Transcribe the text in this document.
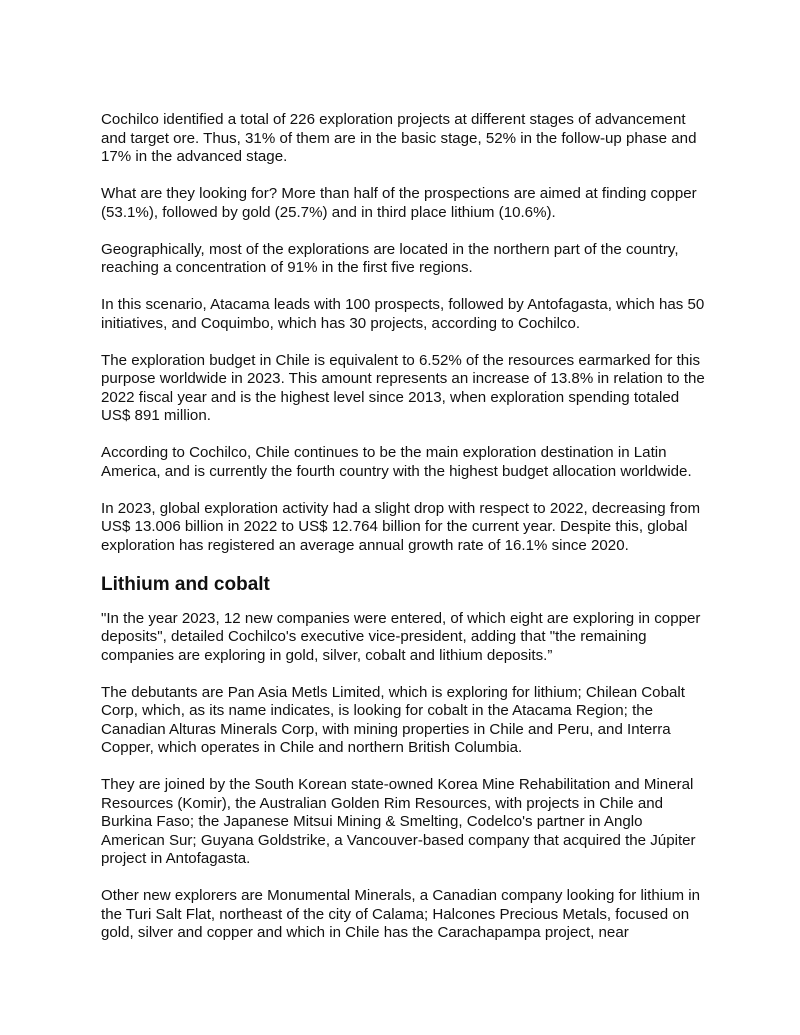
Cochilco identified a total of 226 exploration projects at different stages of advancement and target ore. Thus, 31% of them are in the basic stage, 52% in the follow-up phase and 17% in the advanced stage.

What are they looking for? More than half of the prospections are aimed at finding copper (53.1%), followed by gold (25.7%) and in third place lithium (10.6%).

Geographically, most of the explorations are located in the northern part of the country, reaching a concentration of 91% in the first five regions.

In this scenario, Atacama leads with 100 prospects, followed by Antofagasta, which has 50 initiatives, and Coquimbo, which has 30 projects, according to Cochilco.

The exploration budget in Chile is equivalent to 6.52% of the resources earmarked for this purpose worldwide in 2023. This amount represents an increase of 13.8% in relation to the 2022 fiscal year and is the highest level since 2013, when exploration spending totaled US$ 891 million.

According to Cochilco, Chile continues to be the main exploration destination in Latin America, and is currently the fourth country with the highest budget allocation worldwide.

In 2023, global exploration activity had a slight drop with respect to 2022, decreasing from US$ 13.006 billion in 2022 to US$ 12.764 billion for the current year. Despite this, global exploration has registered an average annual growth rate of 16.1% since 2020.

Lithium and cobalt

"In the year 2023, 12 new companies were entered, of which eight are exploring in copper deposits", detailed Cochilco's executive vice-president, adding that "the remaining companies are exploring in gold, silver, cobalt and lithium deposits.”

The debutants are Pan Asia Metls Limited, which is exploring for lithium; Chilean Cobalt Corp, which, as its name indicates, is looking for cobalt in the Atacama Region; the Canadian Alturas Minerals Corp, with mining properties in Chile and Peru, and Interra Copper, which operates in Chile and northern British Columbia.

They are joined by the South Korean state-owned Korea Mine Rehabilitation and Mineral Resources (Komir), the Australian Golden Rim Resources, with projects in Chile and Burkina Faso; the Japanese Mitsui Mining & Smelting, Codelco's partner in Anglo American Sur; Guyana Goldstrike, a Vancouver-based company that acquired the Júpiter project in Antofagasta.

Other new explorers are Monumental Minerals, a Canadian company looking for lithium in the Turi Salt Flat, northeast of the city of Calama; Halcones Precious Metals, focused on gold, silver and copper and which in Chile has the Carachapampa project, near
